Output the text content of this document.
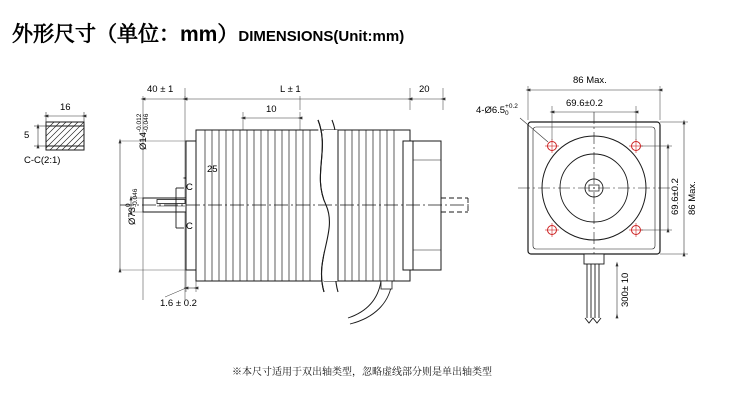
外形尺寸（单位：mm）DIMENSIONS(Unit:mm)
16
5
C-C(2:1)
40 ± 1	L ± 1	20
10
25
Ø14
-0.012 -0.046
Ø73
0 -0.046
1.6 ± 0.2
C
C
86 Max.
69.6±0.2
4-Ø6.5 +0.2
0
69.6±0.2 86 Max.
300± 10
※本尺寸适用于双出轴类型，忽略虚线部分则是单出轴类型
